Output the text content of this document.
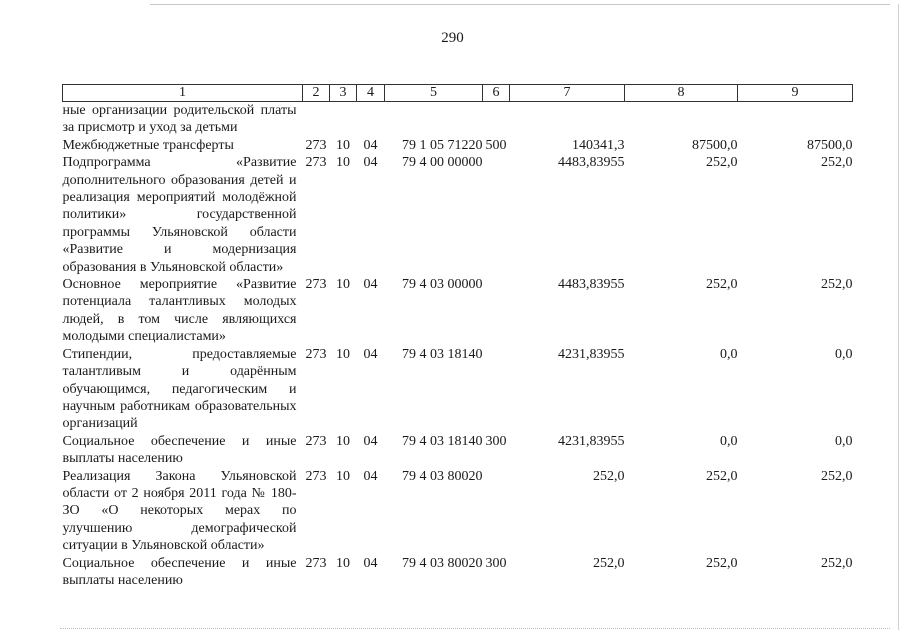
290
1	2	3	4	5	6	7	8	9
ные организации родительской платы за присмотр и уход за детьми								
Межбюджетные трансферты	273	10	04	79 1 05 71220	500	140341,3	87500,0	87500,0
Подпрограмма «Развитие дополнительного образования детей и реализация мероприятий молодёжной политики» государственной программы Ульяновской области «Развитие и модернизация образования в Ульяновской области»	273	10	04	79 4 00 00000		4483,83955	252,0	252,0
Основное мероприятие «Развитие потенциала талантливых молодых людей, в том числе являющихся молодыми специалистами»	273	10	04	79 4 03 00000		4483,83955	252,0	252,0
Стипендии, предоставляемые талантливым и одарённым обучающимся, педагогическим и научным работникам образовательных организаций	273	10	04	79 4 03 18140		4231,83955	0,0	0,0
Социальное обеспечение и иные выплаты населению	273	10	04	79 4 03 18140	300	4231,83955	0,0	0,0
Реализация Закона Ульяновской области от 2 ноября 2011 года № 180-ЗО «О некоторых мерах по улучшению демографической ситуации в Ульяновской области»	273	10	04	79 4 03 80020		252,0	252,0	252,0
Социальное обеспечение и иные выплаты населению	273	10	04	79 4 03 80020	300	252,0	252,0	252,0
